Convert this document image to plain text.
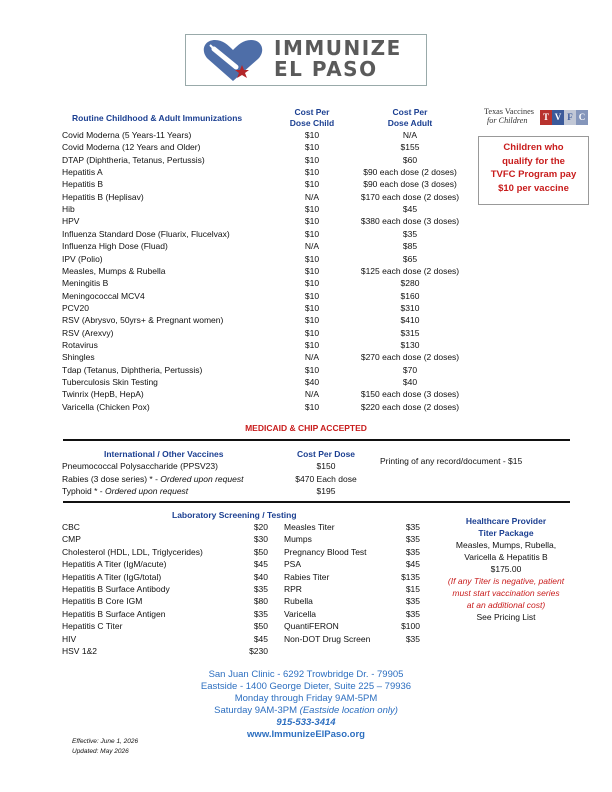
IMMUNIZE
EL PASO
Texas Vaccines
for Children	T V F C
Routine Childhood & Adult Immunizations
Cost Per
Dose Child
Cost Per
Dose Adult
Covid Moderna (5 Years-11 Years)	$10	N/A
Covid Moderna (12 Years and Older)	$10	$155
DTAP (Diphtheria, Tetanus, Pertussis)	$10	$60
Hepatitis A	$10	$90 each dose (2 doses)
Hepatitis B	$10	$90 each dose (3 doses)
Hepatitis B (Heplisav)	N/A	$170 each dose (2 doses)
Hib	$10	$45
HPV	$10	$380 each dose (3 doses)
Influenza Standard Dose (Fluarix, Flucelvax)	$10	$35
Influenza High Dose (Fluad)	N/A	$85
IPV (Polio)	$10	$65
Measles, Mumps & Rubella	$10	$125 each dose (2 doses)
Meningitis B	$10	$280
Meningococcal MCV4	$10	$160
PCV20	$10	$310
RSV (Abrysvo, 50yrs+ & Pregnant women)	$10	$410
RSV (Arexvy)	$10	$315
Rotavirus	$10	$130
Shingles	N/A	$270 each dose (2 doses)
Tdap (Tetanus, Diphtheria, Pertussis)	$10	$70
Tuberculosis Skin Testing	$40	$40
Twinrix (HepB, HepA)	N/A	$150 each dose (3 doses)
Varicella (Chicken Pox)	$10	$220 each dose (2 doses)
Children who
qualify for the
TVFC Program pay
$10 per vaccine
MEDICAID & CHIP ACCEPTED
International / Other Vaccines	Cost Per Dose
Printing of any record/document - $15
Pneumococcal Polysaccharide (PPSV23)	$150
Rabies (3 dose series) * - Ordered upon request	$470 Each dose
Typhoid * - Ordered upon request	$195
Laboratory Screening / Testing
CBC	$20
CMP	$30
Cholesterol (HDL, LDL, Triglycerides)	$50
Hepatitis A Titer (IgM/acute)	$45
Hepatitis A Titer (IgG/total)	$40
Hepatitis B Surface Antibody	$35
Hepatitis B Core IGM	$80
Hepatitis B Surface Antigen	$35
Hepatitis C Titer	$50
HIV	$45
HSV 1&2	$230
Measles Titer	$35
Mumps	$35
Pregnancy Blood Test	$35
PSA	$45
Rabies Titer	$135
RPR	$15
Rubella	$35
Varicella	$35
QuantiFERON	$100
Non-DOT Drug Screen	$35
Healthcare Provider
Titer Package
Measles, Mumps, Rubella,
Varicella & Hepatitis B
$175.00
(If any Titer is negative, patient
must start vaccination series
at an additional cost)
See Pricing List
San Juan Clinic - 6292 Trowbridge Dr. - 79905
Eastside - 1400 George Dieter, Suite 225 – 79936
Monday through Friday 9AM-5PM
Saturday 9AM-3PM (Eastside location only)
915-533-3414
www.ImmunizeElPaso.org
Effective: June 1, 2026
Updated: May 2026
